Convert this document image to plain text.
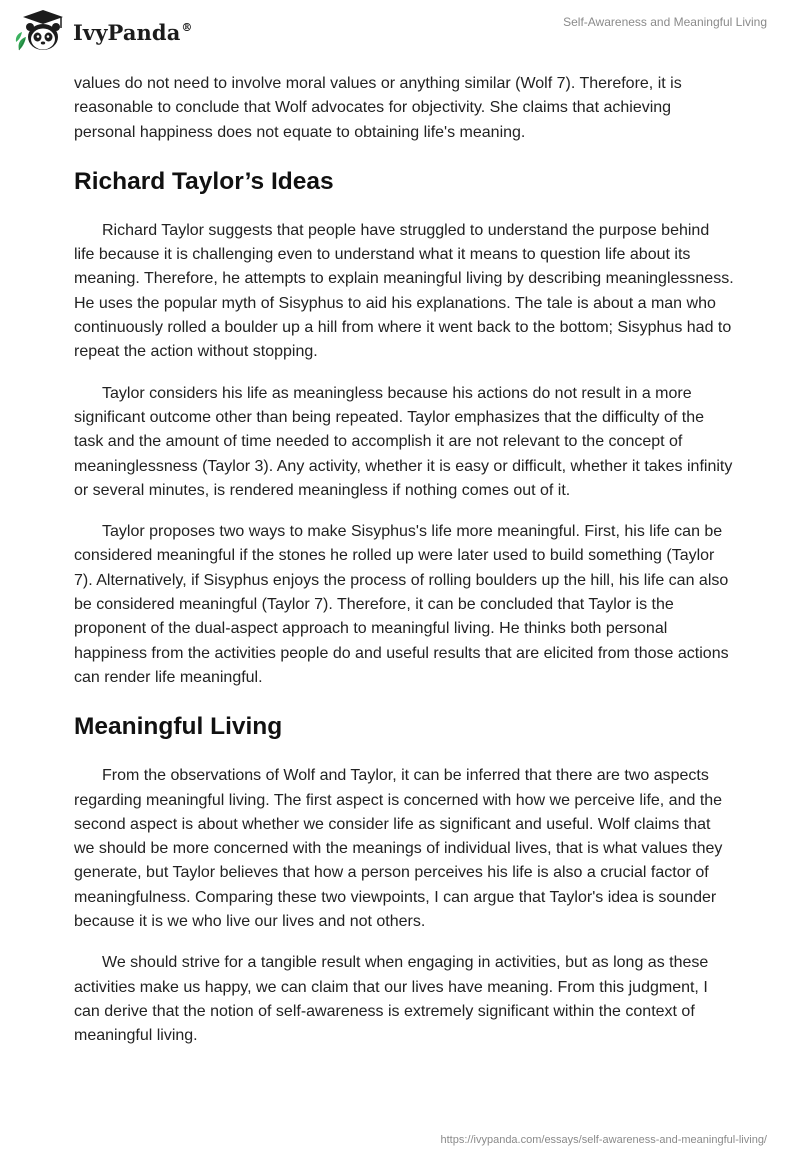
IvyPanda®	Self-Awareness and Meaningful Living

values do not need to involve moral values or anything similar (Wolf 7). Therefore, it is reasonable to conclude that Wolf advocates for objectivity. She claims that achieving personal happiness does not equate to obtaining life's meaning.

Richard Taylor’s Ideas

Richard Taylor suggests that people have struggled to understand the purpose behind life because it is challenging even to understand what it means to question life about its meaning. Therefore, he attempts to explain meaningful living by describing meaninglessness. He uses the popular myth of Sisyphus to aid his explanations. The tale is about a man who continuously rolled a boulder up a hill from where it went back to the bottom; Sisyphus had to repeat the action without stopping.

Taylor considers his life as meaningless because his actions do not result in a more significant outcome other than being repeated. Taylor emphasizes that the difficulty of the task and the amount of time needed to accomplish it are not relevant to the concept of meaninglessness (Taylor 3). Any activity, whether it is easy or difficult, whether it takes infinity or several minutes, is rendered meaningless if nothing comes out of it.

Taylor proposes two ways to make Sisyphus's life more meaningful. First, his life can be considered meaningful if the stones he rolled up were later used to build something (Taylor 7). Alternatively, if Sisyphus enjoys the process of rolling boulders up the hill, his life can also be considered meaningful (Taylor 7). Therefore, it can be concluded that Taylor is the proponent of the dual-aspect approach to meaningful living. He thinks both personal happiness from the activities people do and useful results that are elicited from those actions can render life meaningful.

Meaningful Living

From the observations of Wolf and Taylor, it can be inferred that there are two aspects regarding meaningful living. The first aspect is concerned with how we perceive life, and the second aspect is about whether we consider life as significant and useful. Wolf claims that we should be more concerned with the meanings of individual lives, that is what values they generate, but Taylor believes that how a person perceives his life is also a crucial factor of meaningfulness. Comparing these two viewpoints, I can argue that Taylor's idea is sounder because it is we who live our lives and not others.

We should strive for a tangible result when engaging in activities, but as long as these activities make us happy, we can claim that our lives have meaning. From this judgment, I can derive that the notion of self-awareness is extremely significant within the context of meaningful living.

https://ivypanda.com/essays/self-awareness-and-meaningful-living/
